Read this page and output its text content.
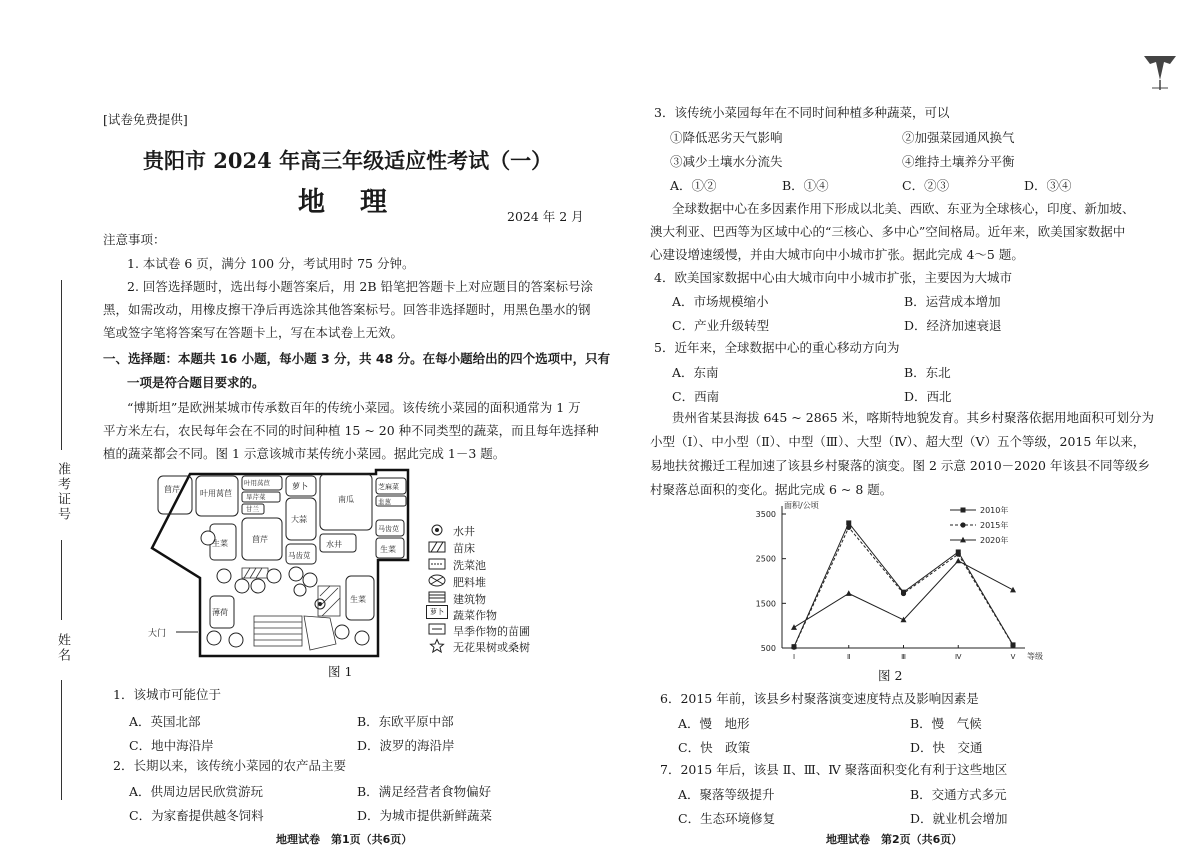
准考证号
姓名
[试卷免费提供]
贵阳市 2024 年高三年级适应性考试（一）
地　理	2024 年 2 月
注意事项：
1. 本试卷 6 页，满分 100 分，考试用时 75 分钟。
2. 回答选择题时，选出每小题答案后，用 2B 铅笔把答题卡上对应题目的答案标号涂
黑，如需改动，用橡皮擦干净后再选涂其他答案标号。回答非选择题时，用黑色墨水的钢
笔或签字笔将答案写在答题卡上，写在本试卷上无效。
一、选择题：本题共 16 小题，每小题 3 分，共 48 分。在每小题给出的四个选项中，只有
一项是符合题目要求的。
“博斯坦”是欧洲某城市传承数百年的传统小菜园。该传统小菜园的面积通常为 1 万
平方米左右，农民每年会在不同的时间种植 15 ~ 20 种不同类型的蔬菜，而且每年选择种
植的蔬菜都会不同。图 1 示意该城市某传统小菜园。据此完成 1－3 题。
茴芹	叶用莴苣
叶用莴苣
旱芹菜
甘兰
萝卜
南瓜
芝麻菜
韭葱
马齿苋
大蒜
生菜	茴芹
马齿苋
水井
生菜
薄荷
生菜
大门
水井
苗床
洗菜池
肥料堆
建筑物
萝卜 蔬菜作物
旱季作物的苗圃
无花果树或桑树
图 1
1．该城市可能位于
A．英国北部	B．东欧平原中部
C．地中海沿岸	D．波罗的海沿岸
2．长期以来，该传统小菜园的农产品主要
A．供周边居民欣赏游玩	B．满足经营者食物偏好
C．为家畜提供越冬饲料	D．为城市提供新鲜蔬菜
地理试卷　第1页（共6页）
3．该传统小菜园每年在不同时间种植多种蔬菜，可以
①降低恶劣天气影响	②加强菜园通风换气
③减少土壤水分流失	④维持土壤养分平衡
A．①②	B．①④	C．②③	D．③④
全球数据中心在多因素作用下形成以北美、西欧、东亚为全球核心，印度、新加坡、
澳大利亚、巴西等为区域中心的“三核心、多中心”空间格局。近年来，欧美国家数据中
心建设增速缓慢，并由大城市向中小城市扩张。据此完成 4～5 题。
4．欧美国家数据中心由大城市向中小城市扩张，主要因为大城市
A．市场规模缩小	B．运营成本增加
C．产业升级转型	D．经济加速衰退
5．近年来，全球数据中心的重心移动方向为
A．东南	B．东北
C．西南	D．西北
贵州省某县海拔 645 ~ 2865 米，喀斯特地貌发育。其乡村聚落依据用地面积可划分为
小型（Ⅰ）、中小型（Ⅱ）、中型（Ⅲ）、大型（Ⅳ）、超大型（Ⅴ）五个等级，2015 年以来，
易地扶贫搬迁工程加速了该县乡村聚落的演变。图 2 示意 2010－2020 年该县不同等级乡
村聚落总面积的变化。据此完成 6 ~ 8 题。
500
1500
2500
3500
Ⅰ	Ⅱ	Ⅲ	Ⅳ	Ⅴ
面积/公顷
等级
2010年
2015年
2020年
图 2
6．2015 年前，该县乡村聚落演变速度特点及影响因素是
A．慢　地形	B．慢　气候
C．快　政策	D．快　交通
7．2015 年后，该县 Ⅱ、Ⅲ、Ⅳ 聚落面积变化有利于这些地区
A．聚落等级提升	B．交通方式多元
C．生态环境修复	D．就业机会增加
地理试卷　第2页（共6页）
